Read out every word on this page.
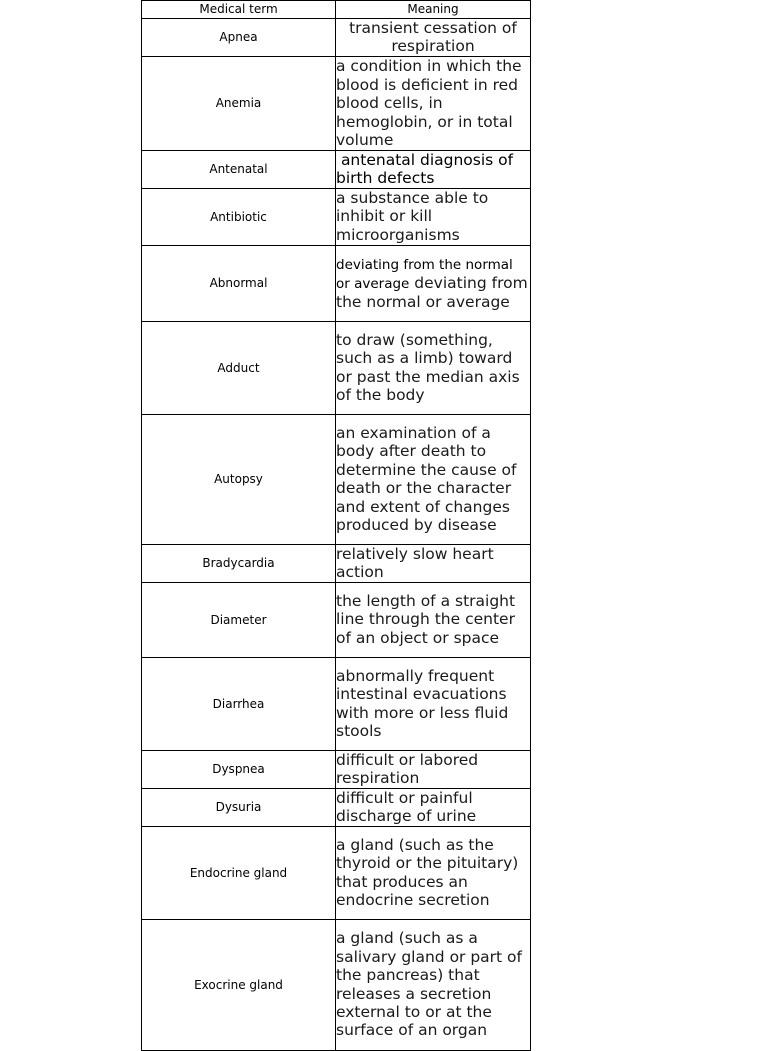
Medical term	Meaning
Apnea	transient cessation of respiration
Anemia	a condition in which the blood is deficient in red blood cells, in hemoglobin, or in total volume
Antenatal	antenatal diagnosis of birth defects
Antibiotic	a substance able to inhibit or kill microorganisms
Abnormal	deviating from the normal or average deviating from the normal or average
Adduct	to draw (something, such as a limb) toward or past the median axis of the body
Autopsy	an examination of a body after death to determine the cause of death or the character and extent of changes produced by disease
Bradycardia	relatively slow heart action
Diameter	the length of a straight line through the center of an object or space
Diarrhea	abnormally frequent intestinal evacuations with more or less fluid stools
Dyspnea	difficult or labored respiration
Dysuria	difficult or painful discharge of urine
Endocrine gland	a gland (such as the thyroid or the pituitary) that produces an endocrine secretion
Exocrine gland	a gland (such as a salivary gland or part of the pancreas) that releases a secretion external to or at the surface of an organ
